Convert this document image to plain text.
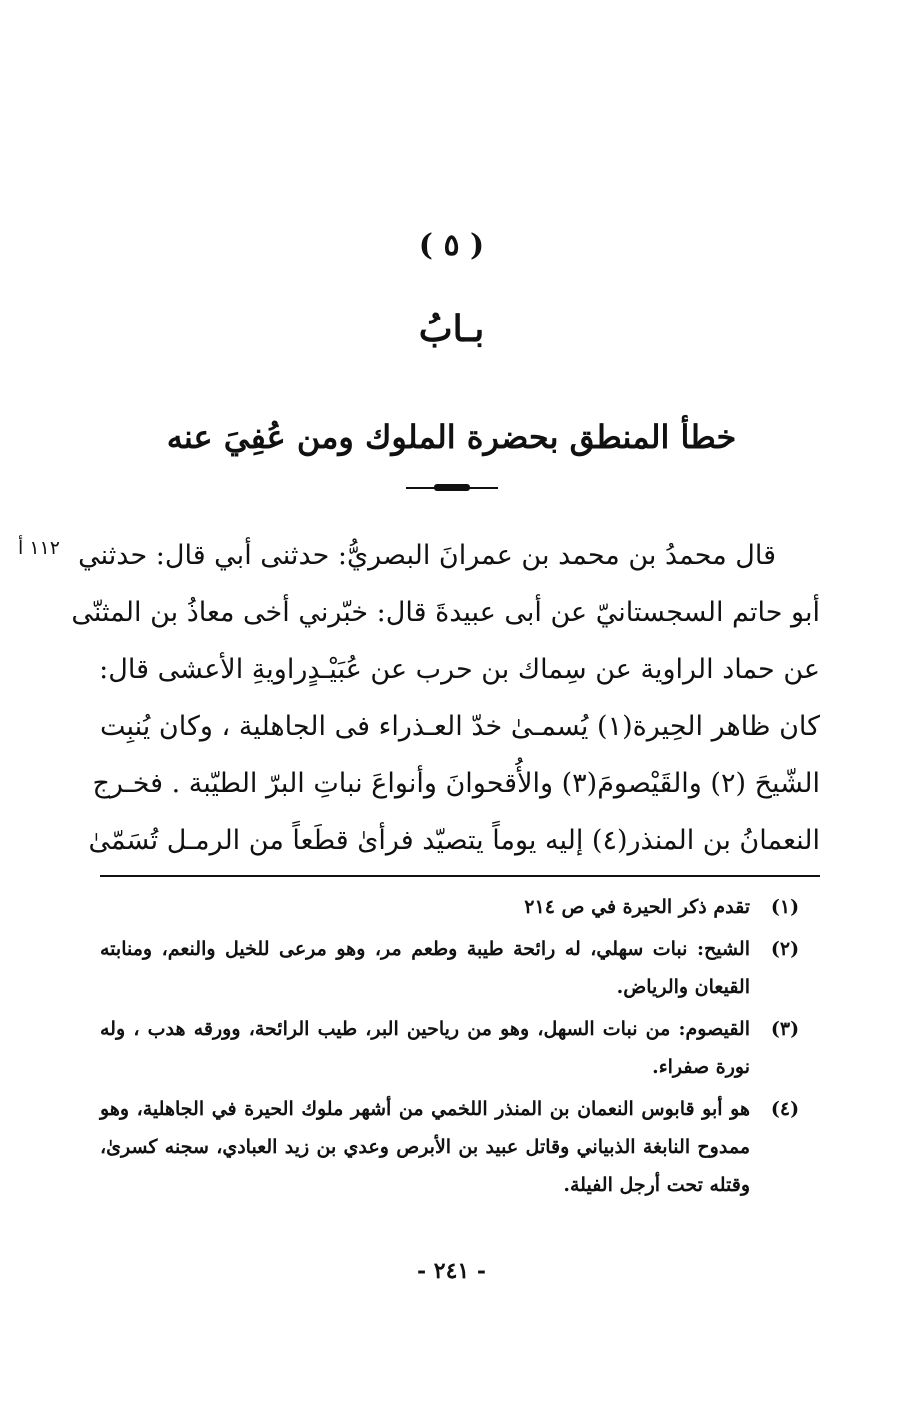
( ٥ )
بـابُ
خطأ المنطق بحضرة الملوك ومن عُفِيَ عنه
١١٢ أ قال محمدُ بن محمد بن عمرانَ البصريُّ: حدثنى أبي قال: حدثني
أبو حاتم السجستانيّ عن أبى عبيدةَ قال: خبّرني أخى معاذُ بن المثنّى
عن حماد الراوية عن سِماك بن حرب عن عُبَيْـدٍراويةِ الأعشى قال:
كان ظاهر الحِيرة(١) يُسمـىٰ خدّ العـذراء فى الجاهلية ، وكان يُنبِت
الشّيحَ (٢) والقَيْصومَ(٣) والأُقحوانَ وأنواعَ نباتِ البرّ الطيّبة . فخـرج
النعمانُ بن المنذر(٤) إليه يوماً يتصيّد فرأىٰ قطَعاً من الرمـل تُسَمّىٰ
(١)
تقدم ذكر الحيرة في ص ٢١٤
(٢)
الشيح: نبات سهلي، له رائحة طيبة وطعم مر، وهو مرعى للخيل والنعم، ومنابته القيعان والرياض.
(٣)
القيصوم: من نبات السهل، وهو من رياحين البر، طيب الرائحة، وورقه هدب ، وله نورة صفراء.
(٤)
هو أبو قابوس النعمان بن المنذر اللخمي من أشهر ملوك الحيرة في الجاهلية، وهو ممدوح النابغة الذبياني وقاتل عبيد بن الأبرص وعدي بن زيد العبادي، سجنه كسرىٰ، وقتله تحت أرجل الفيلة.
- ٢٤١ -
